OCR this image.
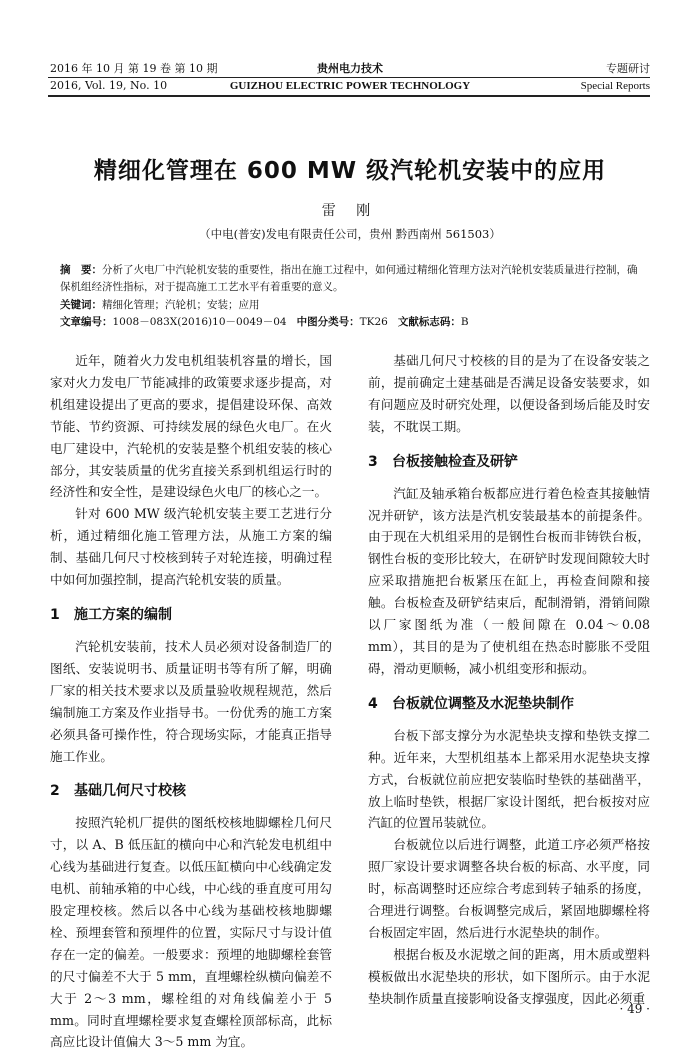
2016 年 10 月 第 19 卷 第 10 期
2016, Vol. 19, No. 10
贵州电力技术
GUIZHOU ELECTRIC POWER TECHNOLOGY
专题研讨
Special Reports
精细化管理在 600 MW 级汽轮机安装中的应用
雷 刚
（中电(普安)发电有限责任公司，贵州 黔西南州 561503）
摘　要：分析了火电厂中汽轮机安装的重要性，指出在施工过程中，如何通过精细化管理方法对汽轮机安装质量进行控制，确保机组经济性指标，对于提高施工工艺水平有着重要的意义。
关键词：精细化管理；汽轮机；安装；应用
文章编号：1008－083X(2016)10－0049－04 中图分类号：TK26 文献标志码：B

近年，随着火力发电机组装机容量的增长，国家对火力发电厂节能减排的政策要求逐步提高，对机组建设提出了更高的要求，提倡建设环保、高效节能、节约资源、可持续发展的绿色火电厂。在火电厂建设中，汽轮机的安装是整个机组安装的核心部分，其安装质量的优劣直接关系到机组运行时的经济性和安全性，是建设绿色火电厂的核心之一。

针对 600 MW 级汽轮机安装主要工艺进行分析，通过精细化施工管理方法，从施工方案的编制、基础几何尺寸校核到转子对轮连接，明确过程中如何加强控制，提高汽轮机安装的质量。

1 施工方案的编制

汽轮机安装前，技术人员必须对设备制造厂的图纸、安装说明书、质量证明书等有所了解，明确厂家的相关技术要求以及质量验收规程规范，然后编制施工方案及作业指导书。一份优秀的施工方案必须具备可操作性，符合现场实际，才能真正指导施工作业。

2 基础几何尺寸校核

按照汽轮机厂提供的图纸校核地脚螺栓几何尺寸，以 A、B 低压缸的横向中心和汽轮发电机组中心线为基础进行复查。以低压缸横向中心线确定发电机、前轴承箱的中心线，中心线的垂直度可用勾股定理校核。然后以各中心线为基础校核地脚螺栓、预埋套管和预埋件的位置，实际尺寸与设计值存在一定的偏差。一般要求：预埋的地脚螺栓套管的尺寸偏差不大于 5 mm，直埋螺栓纵横向偏差不大于 2～3 mm，螺栓组的对角线偏差小于 5 mm。同时直埋螺栓要求复查螺栓顶部标高，此标高应比设计值偏大 3～5 mm 为宜。

基础几何尺寸校核的目的是为了在设备安装之前，提前确定土建基础是否满足设备安装要求，如有问题应及时研究处理，以便设备到场后能及时安装，不耽误工期。

3 台板接触检查及研铲

汽缸及轴承箱台板都应进行着色检查其接触情况并研铲，该方法是汽机安装最基本的前提条件。由于现在大机组采用的是钢性台板而非铸铁台板，钢性台板的变形比较大，在研铲时发现间隙较大时应采取措施把台板紧压在缸上，再检查间隙和接触。台板检查及研铲结束后，配制滑销，滑销间隙以厂家图纸为准（一般间隙在 0.04～0.08 mm），其目的是为了使机组在热态时膨胀不受阻碍，滑动更顺畅，减小机组变形和振动。

4 台板就位调整及水泥垫块制作

台板下部支撑分为水泥垫块支撑和垫铁支撑二种。近年来，大型机组基本上都采用水泥垫块支撑方式，台板就位前应把安装临时垫铁的基础凿平，放上临时垫铁，根据厂家设计图纸，把台板按对应汽缸的位置吊装就位。

台板就位以后进行调整，此道工序必须严格按照厂家设计要求调整各块台板的标高、水平度，同时，标高调整时还应综合考虑到转子轴系的扬度，合理进行调整。台板调整完成后，紧固地脚螺栓将台板固定牢固，然后进行水泥垫块的制作。

根据台板及水泥墩之间的距离，用木质或塑料模板做出水泥垫块的形状，如下图所示。由于水泥垫块制作质量直接影响设备支撑强度，因此必须重

· 49 ·
